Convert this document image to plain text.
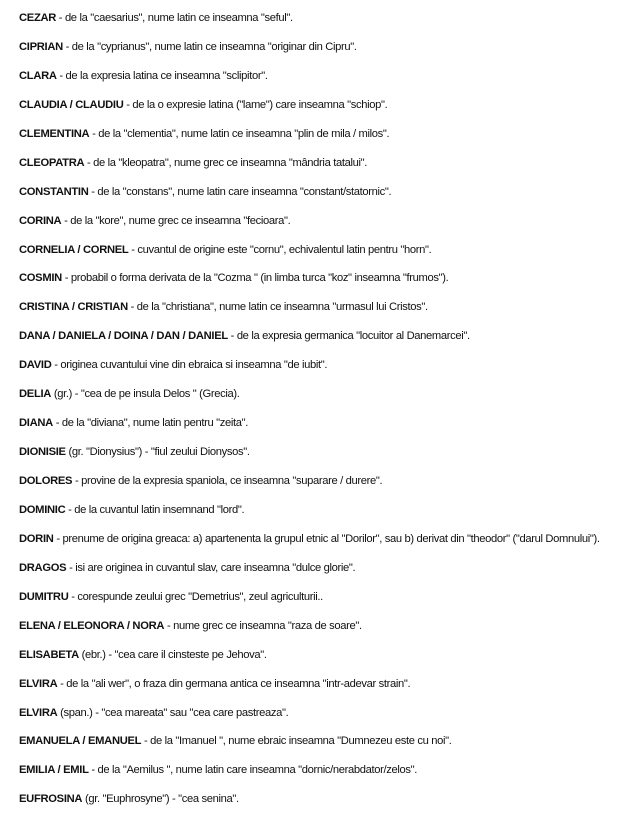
CEZAR - de la "caesarius", nume latin ce inseamna "seful".
CIPRIAN - de la "cyprianus", nume latin ce inseamna "originar din Cipru".
CLARA - de la expresia latina ce inseamna "sclipitor".
CLAUDIA / CLAUDIU - de la o expresie latina ("lame") care inseamna "schiop".
CLEMENTINA - de la "clementia", nume latin ce inseamna "plin de mila / milos".
CLEOPATRA - de la "kleopatra", nume grec ce inseamna "mândria tatalui".
CONSTANTIN - de la "constans", nume latin care inseamna "constant/statornic".
CORINA - de la "kore", nume grec ce inseamna "fecioara".
CORNELIA / CORNEL - cuvantul de origine este "cornu", echivalentul latin pentru "horn".
COSMIN - probabil o forma derivata de la "Cozma " (in limba turca "koz" inseamna "frumos").
CRISTINA / CRISTIAN - de la "christiana", nume latin ce inseamna "urmasul lui Cristos".
DANA / DANIELA / DOINA / DAN / DANIEL - de la expresia germanica "locuitor al Danemarcei".
DAVID - originea cuvantului vine din ebraica si inseamna "de iubit".
DELIA (gr.) - "cea de pe insula Delos " (Grecia).
DIANA - de la "diviana", nume latin pentru "zeita".
DIONISIE (gr. "Dionysius") - "fiul zeului Dionysos".
DOLORES - provine de la expresia spaniola, ce inseamna "suparare / durere".
DOMINIC - de la cuvantul latin insemnand "lord".
DORIN - prenume de origina greaca: a) apartenenta la grupul etnic al "Dorilor", sau b) derivat din "theodor" ("darul Domnului").
DRAGOS - isi are originea in cuvantul slav, care inseamna "dulce glorie".
DUMITRU - corespunde zeului grec "Demetrius", zeul agriculturii..
ELENA / ELEONORA / NORA - nume grec ce inseamna "raza de soare".
ELISABETA (ebr.) - "cea care il cinsteste pe Jehova".
ELVIRA - de la "ali wer", o fraza din germana antica ce inseamna "intr-adevar strain".
ELVIRA (span.) - "cea mareata" sau "cea care pastreaza".
EMANUELA / EMANUEL - de la "Imanuel ", nume ebraic inseamna "Dumnezeu este cu noi".
EMILIA / EMIL - de la "Aemilus ", nume latin care inseamna "dornic/nerabdator/zelos".
EUFROSINA (gr. "Euphrosyne") - "cea senina".
